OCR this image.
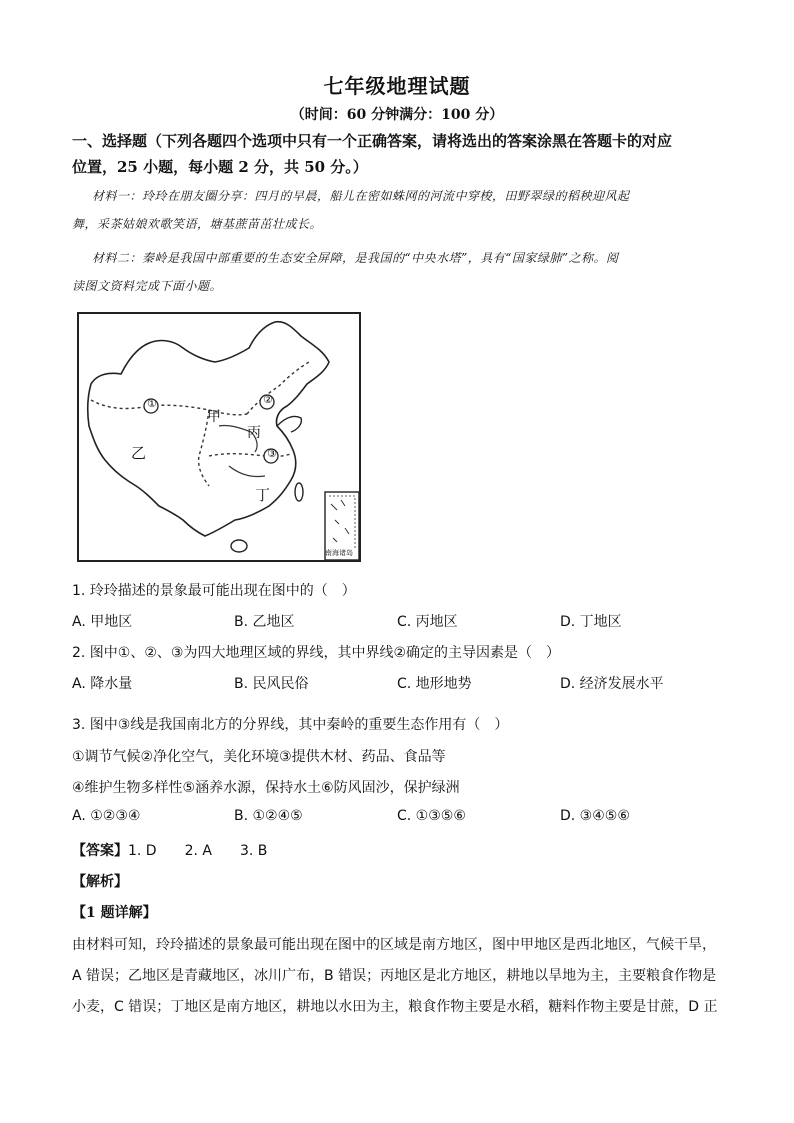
七年级地理试题
（时间：60 分钟满分：100 分）
一、选择题（下列各题四个选项中只有一个正确答案，请将选出的答案涂黑在答题卡的对应
位置，25 小题，每小题 2 分，共 50 分。）
材料一：玲玲在朋友圈分享：四月的早晨，船儿在密如蛛网的河流中穿梭，田野翠绿的稻秧迎风起
舞，采茶姑娘欢歌笑语，塘基蔗苗茁壮成长。
材料二：秦岭是我国中部重要的生态安全屏障，是我国的“中央水塔”，具有“国家绿肺”之称。阅
读图文资料完成下面小题。
①	②
③
甲
乙
丙
丁
南海诸岛
1. 玲玲描述的景象最可能出现在图中的（　）
A. 甲地区	B. 乙地区	C. 丙地区	D. 丁地区
2. 图中①、②、③为四大地理区域的界线，其中界线②确定的主导因素是（　）
A. 降水量	B. 民风民俗	C. 地形地势	D. 经济发展水平
3. 图中③线是我国南北方的分界线，其中秦岭的重要生态作用有（　）
①调节气候②净化空气，美化环境③提供木材、药品、食品等
④维护生物多样性⑤涵养水源，保持水土⑥防风固沙，保护绿洲
A. ①②③④	B. ①②④⑤	C. ①③⑤⑥	D. ③④⑤⑥
【答案】1. D　　2. A　　3. B
【解析】
【1 题详解】
由材料可知，玲玲描述的景象最可能出现在图中的区域是南方地区，图中甲地区是西北地区，气候干旱，
A 错误；乙地区是青藏地区，冰川广布，B 错误；丙地区是北方地区，耕地以旱地为主，主要粮食作物是
小麦，C 错误；丁地区是南方地区，耕地以水田为主，粮食作物主要是水稻，糖料作物主要是甘蔗，D 正
